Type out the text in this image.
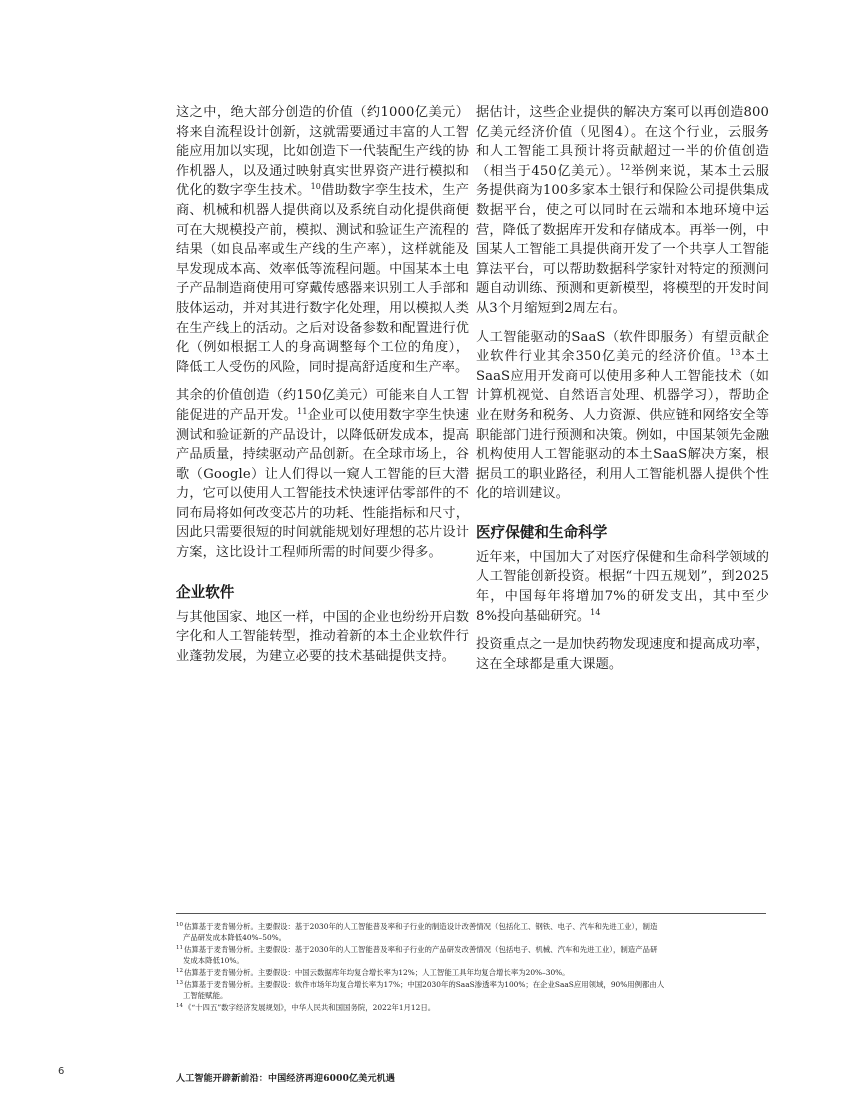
这之中，绝大部分创造的价值（约1000亿美元）将来自流程设计创新，这就需要通过丰富的人工智能应用加以实现，比如创造下一代装配生产线的协作机器人，以及通过映射真实世界资产进行模拟和优化的数字孪生技术。$^{10}$借助数字孪生技术，生产商、机械和机器人提供商以及系统自动化提供商便可在大规模投产前，模拟、测试和验证生产流程的结果（如良品率或生产线的生产率），这样就能及早发现成本高、效率低等流程问题。中国某本土电子产品制造商使用可穿戴传感器来识别工人手部和肢体运动，并对其进行数字化处理，用以模拟人类在生产线上的活动。之后对设备参数和配置进行优化（例如根据工人的身高调整每个工位的角度），降低工人受伤的风险，同时提高舒适度和生产率。

其余的价值创造（约150亿美元）可能来自人工智能促进的产品开发。$^{11}$企业可以使用数字孪生快速测试和验证新的产品设计，以降低研发成本，提高产品质量，持续驱动产品创新。在全球市场上，谷歌（Google）让人们得以一窥人工智能的巨大潜力，它可以使用人工智能技术快速评估零部件的不同布局将如何改变芯片的功耗、性能指标和尺寸，因此只需要很短的时间就能规划好理想的芯片设计方案，这比设计工程师所需的时间要少得多。

企业软件

与其他国家、地区一样，中国的企业也纷纷开启数字化和人工智能转型，推动着新的本土企业软件行业蓬勃发展，为建立必要的技术基础提供支持。

据估计，这些企业提供的解决方案可以再创造800亿美元经济价值（见图4）。在这个行业，云服务和人工智能工具预计将贡献超过一半的价值创造（相当于450亿美元）。$^{12}$举例来说，某本土云服务提供商为100多家本土银行和保险公司提供集成数据平台，使之可以同时在云端和本地环境中运营，降低了数据库开发和存储成本。再举一例，中国某人工智能工具提供商开发了一个共享人工智能算法平台，可以帮助数据科学家针对特定的预测问题自动训练、预测和更新模型，将模型的开发时间从3个月缩短到2周左右。

人工智能驱动的SaaS（软件即服务）有望贡献企业软件行业其余350亿美元的经济价值。$^{13}$本土SaaS应用开发商可以使用多种人工智能技术（如计算机视觉、自然语言处理、机器学习），帮助企业在财务和税务、人力资源、供应链和网络安全等职能部门进行预测和决策。例如，中国某领先金融机构使用人工智能驱动的本土SaaS解决方案，根据员工的职业路径，利用人工智能机器人提供个性化的培训建议。

医疗保健和生命科学

近年来，中国加大了对医疗保健和生命科学领域的人工智能创新投资。根据“十四五规划”，到2025年，中国每年将增加7%的研发支出，其中至少8%投向基础研究。$^{14}$

投资重点之一是加快药物发现速度和提高成功率，这在全球都是重大课题。

$^{10}$估算基于麦肯锡分析。主要假设：基于2030年的人工智能普及率和子行业的制造设计改善情况（包括化工、钢铁、电子、汽车和先进工业），制造
产品研发成本降低40%–50%。
$^{11}$估算基于麦肯锡分析。主要假设：基于2030年的人工智能普及率和子行业的产品研发改善情况（包括电子、机械、汽车和先进工业），制造产品研
发成本降低10%。
$^{12}$估算基于麦肯锡分析。主要假设：中国云数据库年均复合增长率为12%；人工智能工具年均复合增长率为20%–30%。
$^{13}$估算基于麦肯锡分析。主要假设：软件市场年均复合增长率为17%；中国2030年的SaaS渗透率为100%；在企业SaaS应用领域，90%用例都由人
工智能赋能。
$^{14}$《“十四五”数字经济发展规划》，中华人民共和国国务院，2022年1月12日。
6
人工智能开辟新前沿：中国经济再迎6000亿美元机遇
